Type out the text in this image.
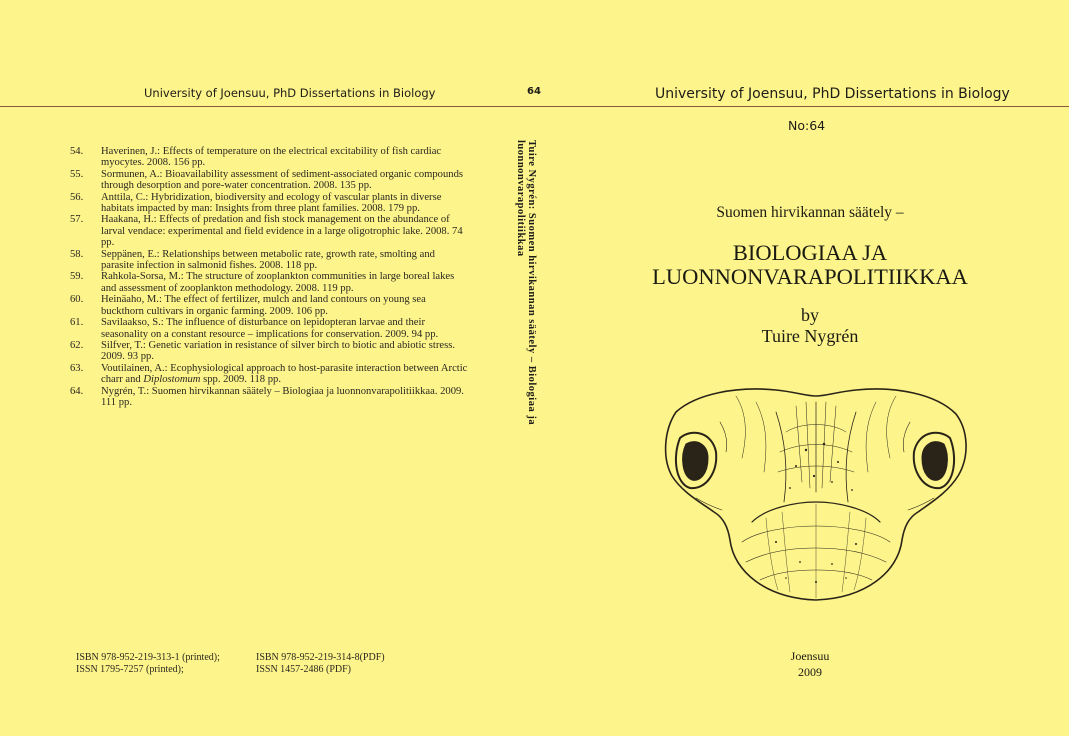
University of Joensuu, PhD Dissertations in Biology	64	University of Joensuu, PhD Dissertations in Biology
No:64
54.	Haverinen, J.: Effects of temperature on the electrical excitability of fish cardiac myocytes. 2008. 156 pp.
55.	Sormunen, A.: Bioavailability assessment of sediment-associated organic compounds through desorption and pore-water concentration. 2008. 135 pp.
56.	Anttila, C.: Hybridization, biodiversity and ecology of vascular plants in diverse habitats impacted by man: Insights from three plant families. 2008. 179 pp.
57.	Haakana, H.: Effects of predation and fish stock management on the abundance of larval vendace: experimental and field evidence in a large oligotrophic lake. 2008. 74 pp.
58.	Seppänen, E.: Relationships between metabolic rate, growth rate, smolting and parasite infection in salmonid fishes. 2008. 118 pp.
59.	Rahkola-Sorsa, M.: The structure of zooplankton communities in large boreal lakes and assessment of zooplankton methodology. 2008. 119 pp.
60.	Heinäaho, M.: The effect of fertilizer, mulch and land contours on young sea buckthorn cultivars in organic farming. 2009. 106 pp.
61.	Savilaakso, S.: The influence of disturbance on lepidopteran larvae and their seasonality on a constant resource – implications for conservation. 2009. 94 pp.
62.	Silfver, T.: Genetic variation in resistance of silver birch to biotic and abiotic stress. 2009. 93 pp.
63.	Voutilainen, A.: Ecophysiological approach to host-parasite interaction between Arctic charr and Diplostomum spp. 2009. 118 pp.
64.	Nygrén, T.: Suomen hirvikannan säätely – Biologiaa ja luonnonvarapolitiikkaa. 2009. 111 pp.
ISBN 978-952-219-313-1 (printed);
ISSN 1795-7257 (printed);
ISBN 978-952-219-314-8(PDF)
ISSN 1457-2486 (PDF)
Tuire Nygrén: Suomen hirvikannan säätely – Biologiaa ja luonnonvarapolitiikkaa	Suomen hirvikannan säätely –
BIOLOGIAA JA
LUONNONVARAPOLITIIKKAA
by
Tuire Nygrén
Joensuu
2009
